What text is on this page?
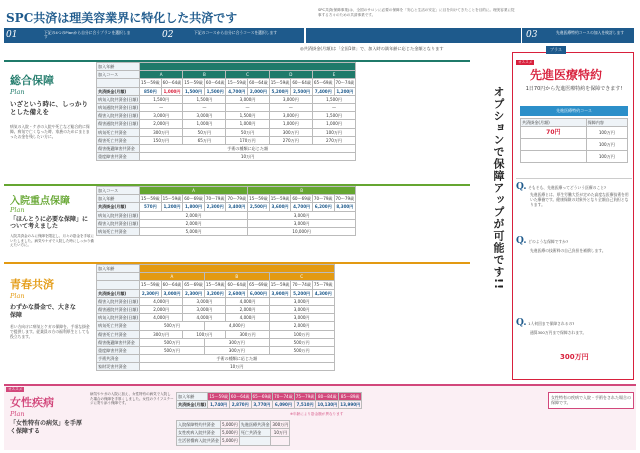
SPC共済は理美容業界に特化した共済です
SPC共済(保障事業)は、全国のサロンに必要の保障を「安心と生活の安定」に目を向けてきたことを目的に。理美容業に従事する方々のための共済事業です。
01	下記の4つのPlanから自分に合うプランを選択します	02	下記のコースから自分に合うコースを選択します	03	先進医療特約コースの加入を検討します
◎共済掛金(月額)は「全国1律」で、加入時の満年齢に応じた金額となります
オプションで保障アップが可能です!!
総合保障
Plan
いざという時に、しっかりとした備えを
病気の入院・ケガの入院や死亡など総合的に保障。病気で亡くなった時、家族のためにまとまったお金を残したい方に。
加入年齢										
加入コース	A		B		C		D		E	
	15〜59歳	60〜64歳	15〜59歳	60〜64歳	15〜59歳	60〜64歳	15〜59歳	60〜64歳	65〜69歳	70〜74歳
共済掛金(月額)	850円	1,000円	1,500円	1,500円	4,700円	2,000円	5,200円	2,500円	7,400円	1,200円
病気入院共済金(日額)	1,500円		1,500円		3,000円		3,000円		1,500円	
病気通院共済金(日額)	—		—		—		—		—	
傷害入院共済金(日額)	3,000円		3,000円		1,500円		3,000円		1,500円	
傷害通院共済金(日額)	2,000円		1,000円		1,000円		1,000円		1,000円	
病気死亡共済金	300万円		50万円		50万円		300万円		100万円	
傷害死亡共済金	150万円		65万円		170万円		270万円		270万円	
傷害後遺障害共済金	手術の種類に応じた額									
重度障害共済金	10万円									
入院重点保障
Plan
「ほんとうに必要な保障」について考えました
入院共済金のみに保障を限定し、月々の掛金を手頃にいたしました。病気やケガで入院した時にしっかり備えたい方に。
加入コース	A					B				
加入年齢	15〜59歳	15〜59歳	60〜69歳	70〜79歳	70〜79歳	15〜59歳	15〜59歳	60〜69歳	70〜79歳	70〜79歳
共済掛金(月額)	570円	1,200円	1,800円	2,300円	3,400円	2,500円	3,600円	4,700円	6,200円	8,300円
病気入院共済金(日額)	2,000円					3,000円				
傷害入院共済金(日額)	2,000円					3,000円				
病気死亡共済金	5,000円					10,000円				
青春共済
Plan
わずかな掛金で、大きな保障
若い方向けに病気とケガの保障を、手頃な掛金で提供します。従業員の方の福利厚生としても役立ちます。
加入年齢									
	A			B			C		
	15〜59歳	60〜64歳	65〜69歳	15〜59歳	60〜64歳	65〜69歳	15〜59歳	70〜74歳	75〜79歳
共済掛金(月額)	2,300円	3,000円	2,300円	3,200円	2,600円	6,000円	3,900円	5,200円	4,300円
傷害入院共済金(日額)	4,000円		3,000円		4,000円		3,000円		
傷害通院共済金(日額)	2,000円		3,000円		2,000円		3,000円		
病気入院共済金(日額)	4,000円		4,000円		4,000円		3,000円		
病気死亡共済金	500万円			4,000円			2,000円		
傷害死亡共済金	300万円		100万円		300万円		100万円		
傷害後遺障害共済金	500万円			300万円			500万円		
重度障害共済金	500万円			300万円			500万円		
手術共済金	手術の種類に応じた額								
家財災害共済金	10万円								
オススメ
女性疾病
Plan
「女性特有の病気」を手厚く保障する
病気やケガの入院に加え、女性特有の病気で入院した場合の保障を手厚くしました。女性のライフステージに寄り添う保障です。
加入年齢	15〜59歳	60〜64歳	65〜69歳	70〜74歳	75〜79歳	80〜84歳	85〜89歳
共済掛金(月額)	1,740円	2,870円	3,770円	6,090円	7,510円	10,130円	13,990円
※年齢により掛金額が異なります
入院保障特約共済金	5,000円	先進医療共済金	300万円
女性疾病入院共済金	5,000円	死亡共済金	10万円
生活習慣病入院共済金	5,000円		
女性特有の疾病で入院・手術をされた場合の保障です。
プラス
オススメ
先進医療特約
1日70円から先進医療特約を保障できます!
先進医療特約コース
共済掛金(月額)	保障内容
70円	100万円
	100万円
	100万円
Q. そもそも、先進医療ってどういう医療のこと?
先進医療とは、厚生労働大臣が定めた高度な医療技術を用いた療養です。健康保険の対象外となり全額自己負担となります。
Q. どのような保障ですか?
先進医療の技術料の自己負担を補償します。
Q. 1人何回まで保障されるの?
通算300万円まで保障されます。
300万円
